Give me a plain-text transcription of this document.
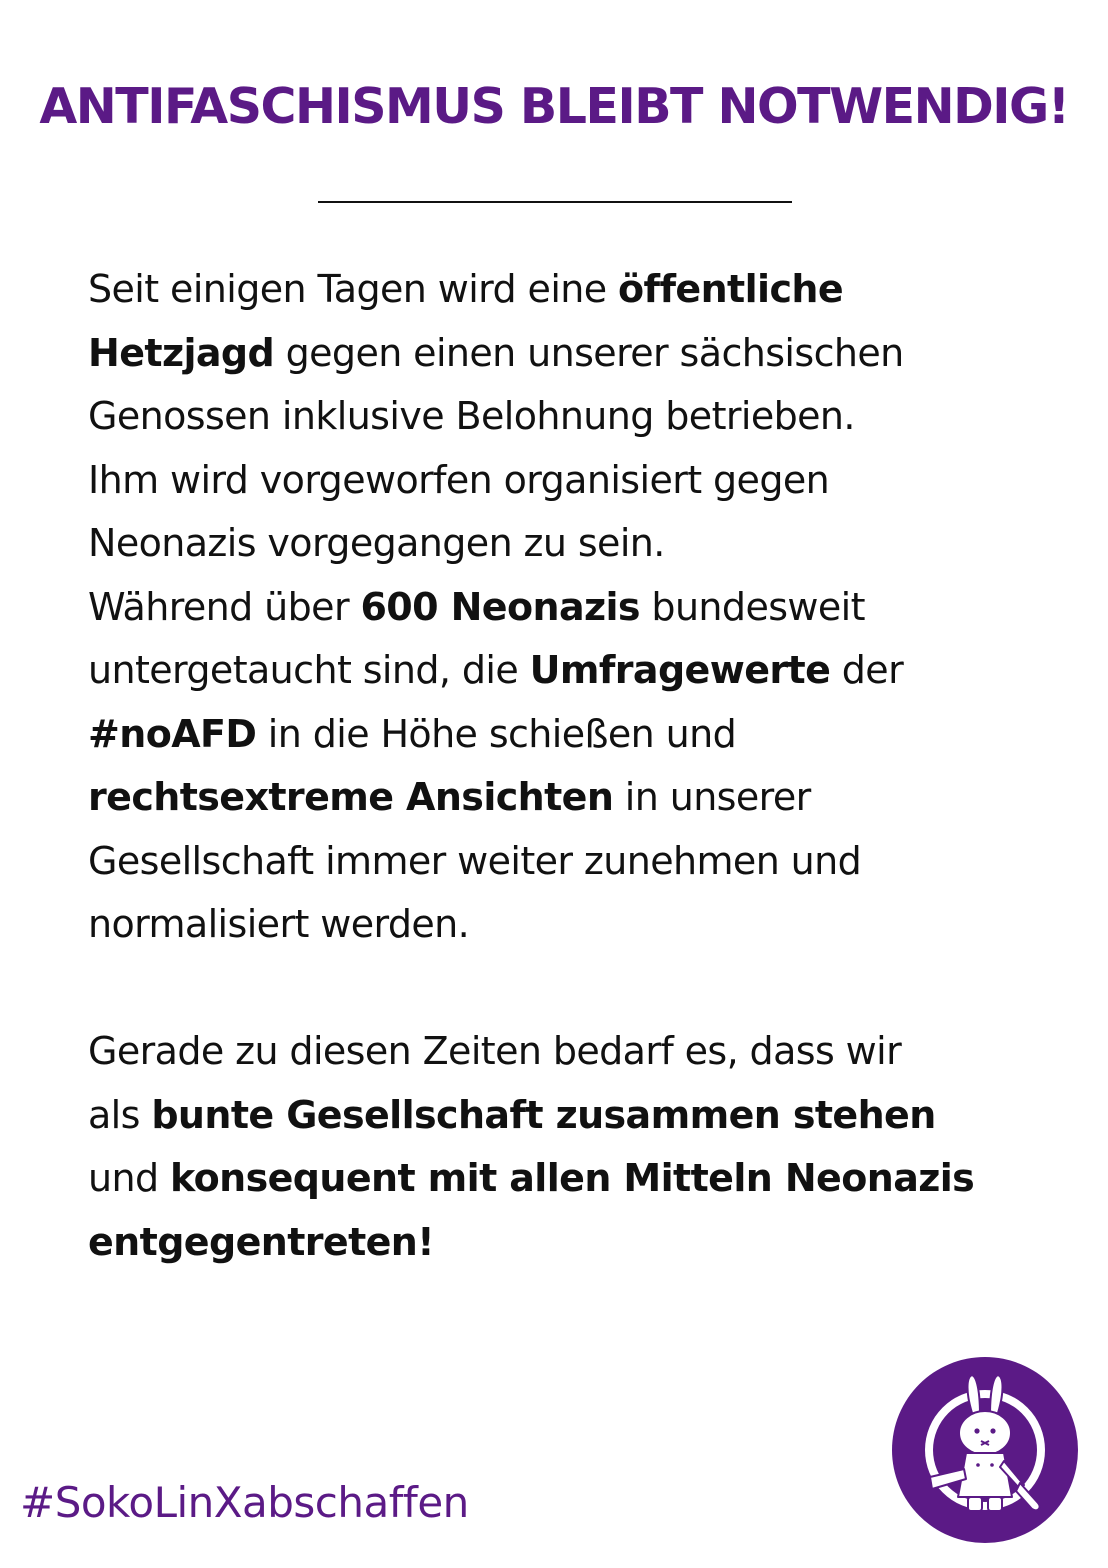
ANTIFASCHISMUS BLEIBT NOTWENDIG!
Seit einigen Tagen wird eine öffentliche
Hetzjagd gegen einen unserer sächsischen
Genossen inklusive Belohnung betrieben.
Ihm wird vorgeworfen organisiert gegen
Neonazis vorgegangen zu sein.
Während über 600 Neonazis bundesweit
untergetaucht sind, die Umfragewerte der
#noAFD in die Höhe schießen und
rechtsextreme Ansichten in unserer
Gesellschaft immer weiter zunehmen und
normalisiert werden.
Gerade zu diesen Zeiten bedarf es, dass wir
als bunte Gesellschaft zusammen stehen
und konsequent mit allen Mitteln Neonazis
entgegentreten!
#SokoLinXabschaffen
